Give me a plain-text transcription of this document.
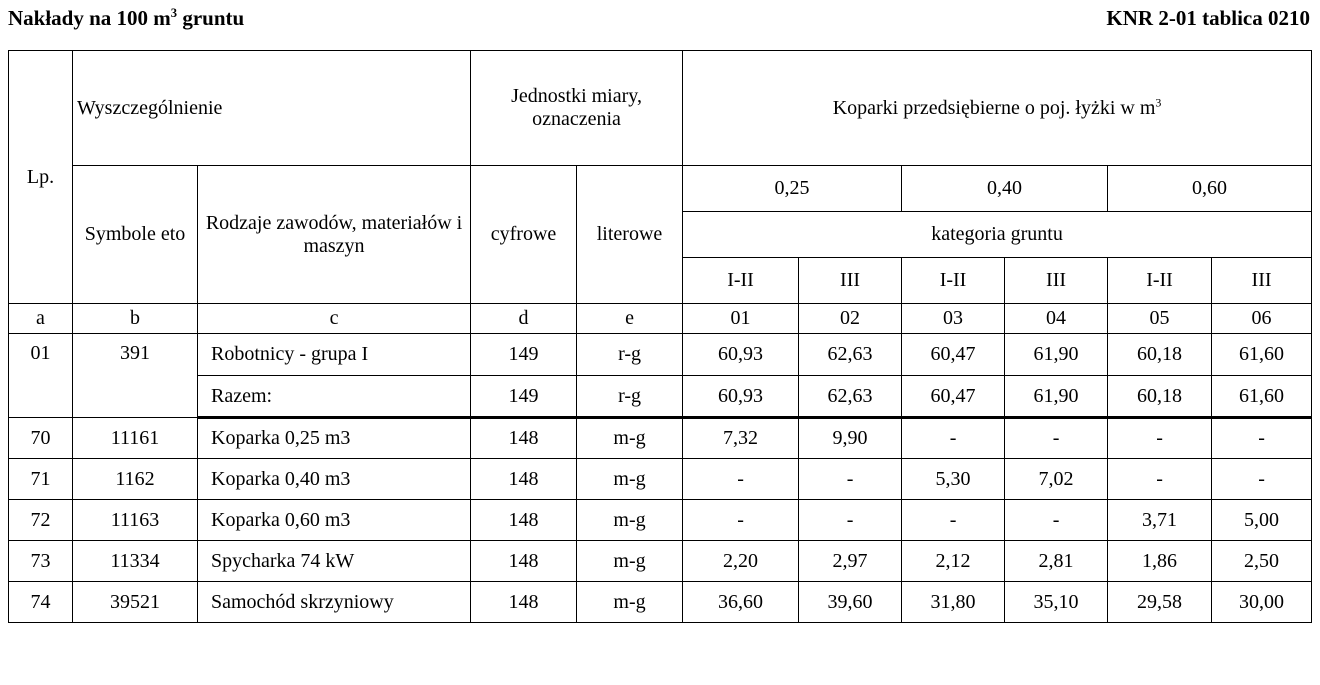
Nakłady na 100 $m^3$ gruntu	KNR 2-01 tablica 0210
Lp.	Wyszczególnienie		Jednostki miary, oznaczenia		Koparki przedsiębierne o poj. łyżki w $m^3$
	Symbole eto	Rodzaje zawodów, materiałów i maszyn	cyfrowe	literowe	0,25		0,40		0,60	
					kategoria gruntu					
					I-II	III	I-II	III	I-II	III
a	b	c	d	e	01	02	03	04	05	06
01	391	Robotnicy - grupa I	149	r-g	60,93	62,63	60,47	61,90	60,18	61,60
		Razem:	149	r-g	60,93	62,63	60,47	61,90	60,18	61,60
70	11161	Koparka 0,25 m3	148	m-g	7,32	9,90	-	-	-	-
71	1162	Koparka 0,40 m3	148	m-g	-	-	5,30	7,02	-	-
72	11163	Koparka 0,60 m3	148	m-g	-	-	-	-	3,71	5,00
73	11334	Spycharka 74 kW	148	m-g	2,20	2,97	2,12	2,81	1,86	2,50
74	39521	Samochód skrzyniowy	148	m-g	36,60	39,60	31,80	35,10	29,58	30,00
